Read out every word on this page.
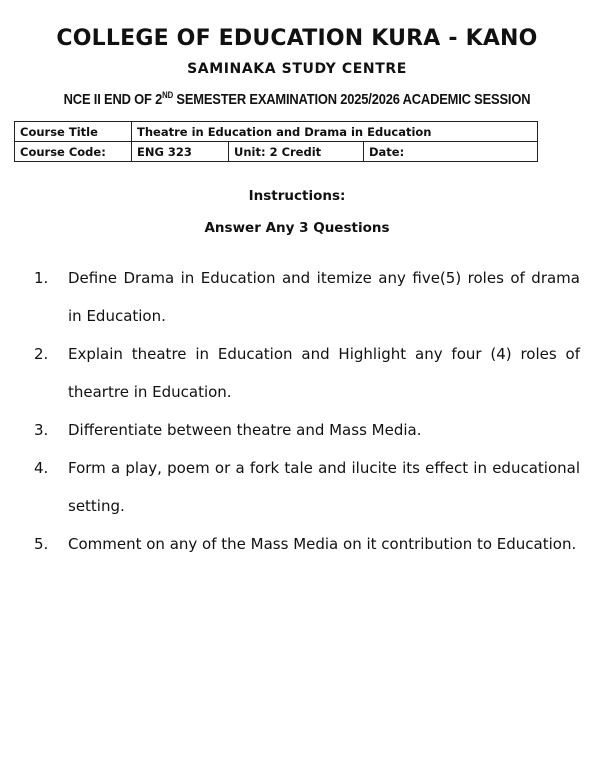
COLLEGE OF EDUCATION KURA - KANO
SAMINAKA STUDY CENTRE
NCE II END OF 2ND SEMESTER EXAMINATION 2025/2026 ACADEMIC SESSION
Course Title	Theatre in Education and Drama in Education		
Course Code:	ENG 323	Unit: 2 Credit	Date:
Instructions:
Answer Any 3 Questions
1.	Define Drama in Education and itemize any five(5) roles of drama in Education.
2.	Explain theatre in Education and Highlight any four (4) roles of theartre in Education.
3.	Differentiate between theatre and Mass Media.
4.	Form a play, poem or a fork tale and ilucite its effect in educational setting.
5.	Comment on any of the Mass Media on it contribution to Education.
